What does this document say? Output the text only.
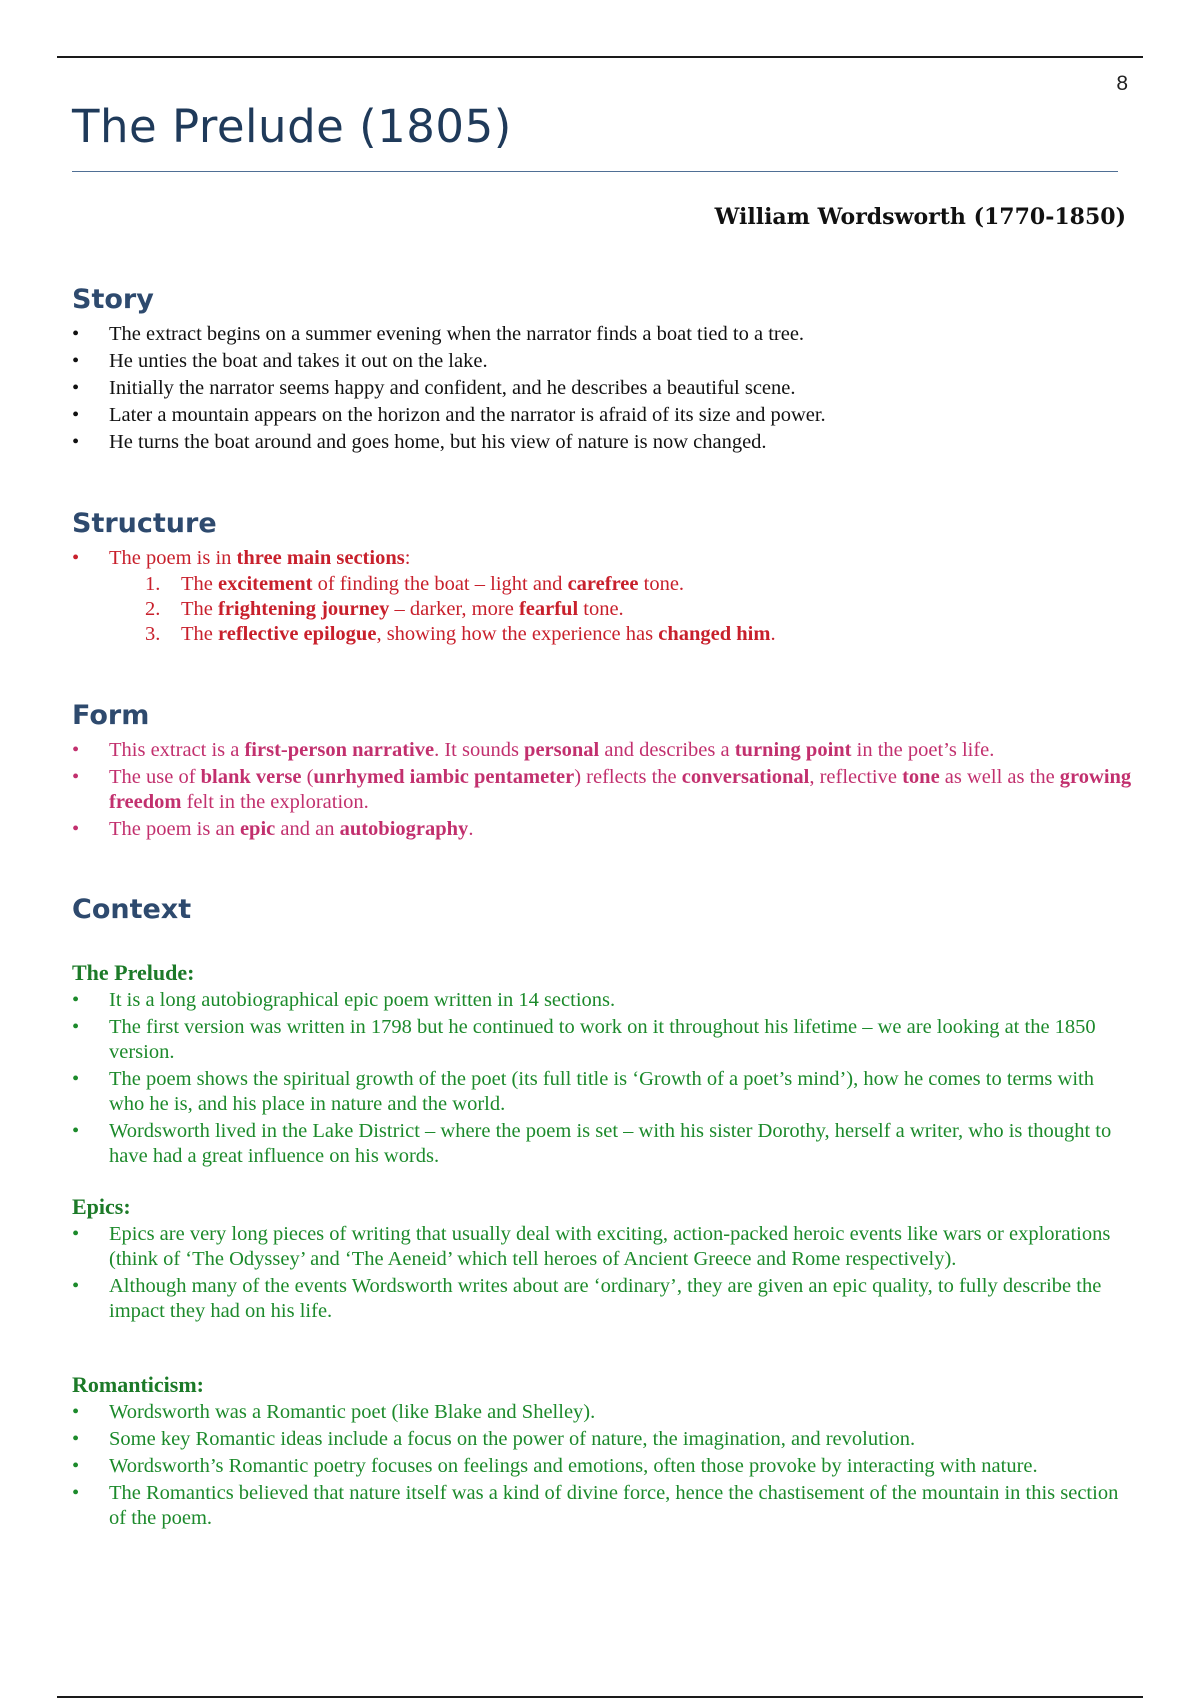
8
The Prelude (1805)
William Wordsworth (1770-1850)
Story
• The extract begins on a summer evening when the narrator finds a boat tied to a tree.
• He unties the boat and takes it out on the lake.
• Initially the narrator seems happy and confident, and he describes a beautiful scene.
• Later a mountain appears on the horizon and the narrator is afraid of its size and power.
• He turns the boat around and goes home, but his view of nature is now changed.
Structure
• The poem is in three main sections:
1. The excitement of finding the boat – light and carefree tone.
2. The frightening journey – darker, more fearful tone.
3. The reflective epilogue, showing how the experience has changed him.
Form
• This extract is a first-person narrative. It sounds personal and describes a turning point in the poet’s life.
• The use of blank verse (unrhymed iambic pentameter) reflects the conversational, reflective tone as well as the growing freedom felt in the exploration.
• The poem is an epic and an autobiography.
Context
The Prelude:
• It is a long autobiographical epic poem written in 14 sections.
• The first version was written in 1798 but he continued to work on it throughout his lifetime – we are looking at the 1850 version.
• The poem shows the spiritual growth of the poet (its full title is ‘Growth of a poet’s mind’), how he comes to terms with who he is, and his place in nature and the world.
• Wordsworth lived in the Lake District – where the poem is set – with his sister Dorothy, herself a writer, who is thought to have had a great influence on his words.
Epics:
• Epics are very long pieces of writing that usually deal with exciting, action-packed heroic events like wars or explorations (think of ‘The Odyssey’ and ‘The Aeneid’ which tell heroes of Ancient Greece and Rome respectively).
• Although many of the events Wordsworth writes about are ‘ordinary’, they are given an epic quality, to fully describe the impact they had on his life.
Romanticism:
• Wordsworth was a Romantic poet (like Blake and Shelley).
• Some key Romantic ideas include a focus on the power of nature, the imagination, and revolution.
• Wordsworth’s Romantic poetry focuses on feelings and emotions, often those provoke by interacting with nature.
• The Romantics believed that nature itself was a kind of divine force, hence the chastisement of the mountain in this section of the poem.
